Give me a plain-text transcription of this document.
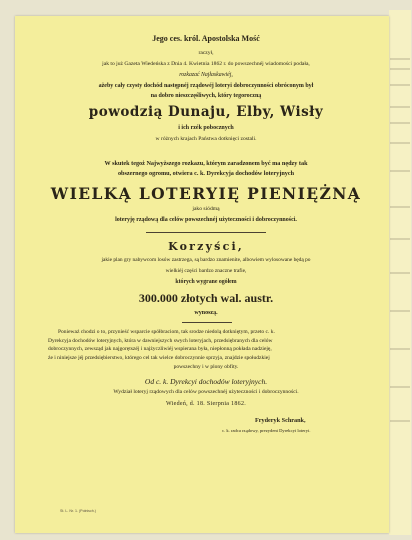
Jego ces. król. Apostolska Mość
raczył,
jak to już Gazeta Wiedeńska z Dnia 4. Kwietnia 1862 r. do powszechnéj wiadomości podała,
rozkazać Najłaskawiéj,
ażeby cały czysty dochód następnéj rządowéj loteryi dobroczynności obróconym był
na dobro nieszczęśliwych, który tegoroczną
powodzią Dunaju, Elby, Wisły
i ich rzék pobocznych
w różnych krajach Państwa dotknięci zostali.
W skutek tegoż Najwyższego rozkazu, którym zaradzonem być ma nędzy tak
obszernego ogromu, otwiera c. k. Dyrekcyja dochodów loteryjnych
WIELKĄ LOTERYIĘ PIENIĘŻNĄ
jako siódmą
loteryję rządową dla celów powszechnéj użyteczności i dobroczynności.
Korzyści,
jakie plan gry nabywcom losów zastrzega, są bardzo znamienite, albowiem wylosowane będą po
wielkiéj części bardzo znaczne trafie,
których wygrane ogółem
300.000 złotych wal. austr.
wynoszą.
Ponieważ chodzi o to, przynieść wsparcie spółbraciom, tak srodze niedolą dotkniętym, przeto c. k.
Dyrekcyja dochodów loteryjnych, która w dawniejszych swych loteryjach, przedsiębranych dla celów
dobroczynnych, zewsząd jak najgorętszéj i najżyczliwiéj wspierana była, niepłonną pokłada nadzieję,
że i niniejsze jéj przedsiębierstwo, którego cel tak wielce dobroczynnie sprzyja, znajdzie społudzkiej
powszechny i w plony obfity.
Od c. k. Dyrekcyi dochodów loteryjnych.
Wydział loteryj rządowych dla celów powszechnéj użyteczności i dobroczynności.
Wiedeń, d. 18. Sierpnia 1862.
Fryderyk Schrank,
c. k. radca rządowy, prezydent Dyrekcyi loteryi.
St. L. Nr. 1. (Polnisch.)
